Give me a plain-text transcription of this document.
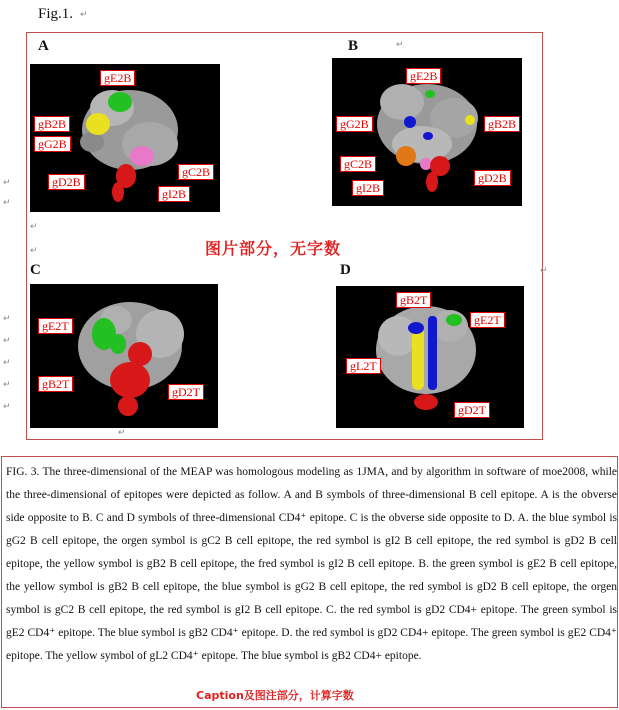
Fig.1. ↵
↵
↵
↵
↵
↵
↵
↵
↵
↵
↵
↵
↵
A
gE2B
gB2B
gG2B
gC2B
gD2B
gI2B
B
gE2B
gG2B	gB2B
gC2B
gD2B
gI2B
图片部分，无字数
C
gE2T
gB2T
gD2T
D
gB2T
gE2T
gL2T
gD2T
FIG. 3. The three-dimensional of the MEAP was homologous modeling as 1JMA, and by algorithm in software of moe2008, while the three-dimensional of epitopes were depicted as follow. A and B symbols of three-dimensional B cell epitope. A is the obverse side opposite to B. C and D symbols of three-dimensional CD4⁺ epitope. C is the obverse side opposite to D. A. the blue symbol is gG2 B cell epitope, the orgen symbol is gC2 B cell epitope, the red symbol is gI2 B cell epitope, the red symbol is gD2 B cell epitope, the yellow symbol is gB2 B cell epitope, the fred symbol is gI2 B cell epitope. B. the green symbol is gE2 B cell epitope, the yellow symbol is gB2 B cell epitope, the blue symbol is gG2 B cell epitope, the red symbol is gD2 B cell epitope, the orgen symbol is gC2 B cell epitope, the red symbol is gI2 B cell epitope. C. the red symbol is gD2 CD4+ epitope. The green symbol is gE2 CD4⁺ epitope. The blue symbol is gB2 CD4⁺ epitope. D. the red symbol is gD2 CD4+ epitope. The green symbol is gE2 CD4⁺ epitope. The yellow symbol of gL2 CD4⁺ epitope. The blue symbol is gB2 CD4+ epitope.
Caption及图注部分，计算字数
